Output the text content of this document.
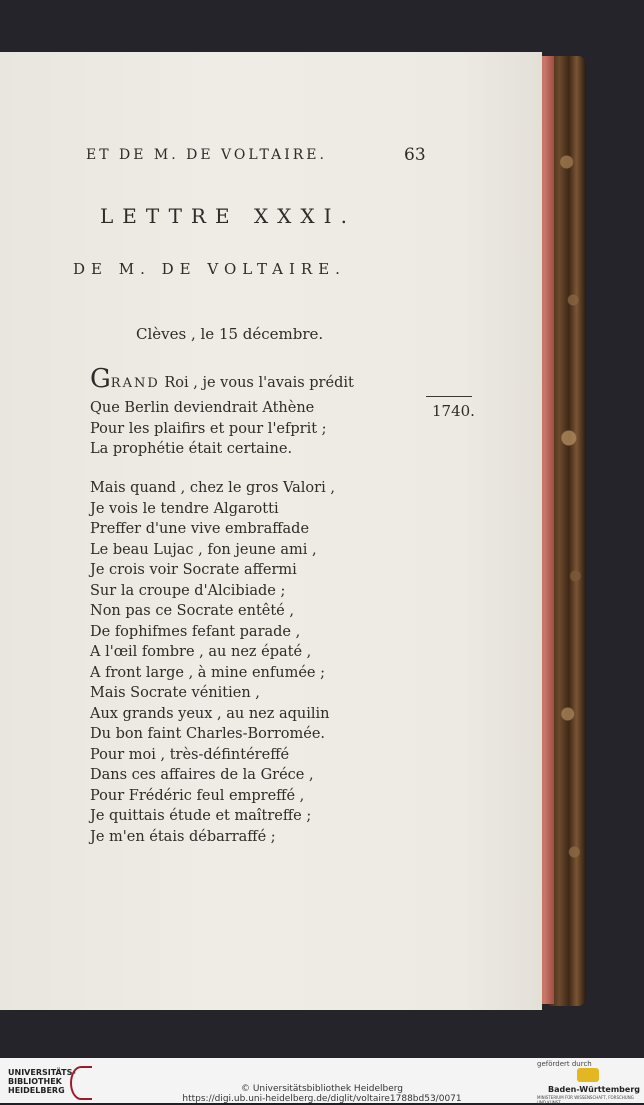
ET DE M. DE VOLTAIRE.	63
LETTRE XXXI.
DE M. DE VOLTAIRE.
Clèves , le 15 décembre.
1740.
GRAND Roi , je vous l'avais prédit
Que Berlin deviendrait Athène
Pour les plaifirs et pour l'efprit ;
La prophétie était certaine.
Mais quand , chez le gros Valori ,
Je vois le tendre Algarotti
Preffer d'une vive embraffade
Le beau Lujac , fon jeune ami ,
Je crois voir Socrate affermi
Sur la croupe d'Alcibiade ;
Non pas ce Socrate entêté ,
De fophifmes fefant parade ,
A l'œil fombre , au nez épaté ,
A front large , à mine enfumée ;
Mais Socrate vénitien ,
Aux grands yeux , au nez aquilin
Du bon faint Charles-Borromée.
Pour moi , très-défintéreffé
Dans ces affaires de la Gréce ,
Pour Frédéric feul empreffé ,
Je quittais étude et maîtreffe ;
Je m'en étais débarraffé ;
UNIVERSITÄTS-
BIBLIOTHEK
HEIDELBERG	© Universitätsbibliothek Heidelberg
https://digi.ub.uni-heidelberg.de/diglit/voltaire1788bd53/0071
gefördert durch
Baden-Württemberg
MINISTERIUM FÜR WISSENSCHAFT, FORSCHUNG UND KUNST
